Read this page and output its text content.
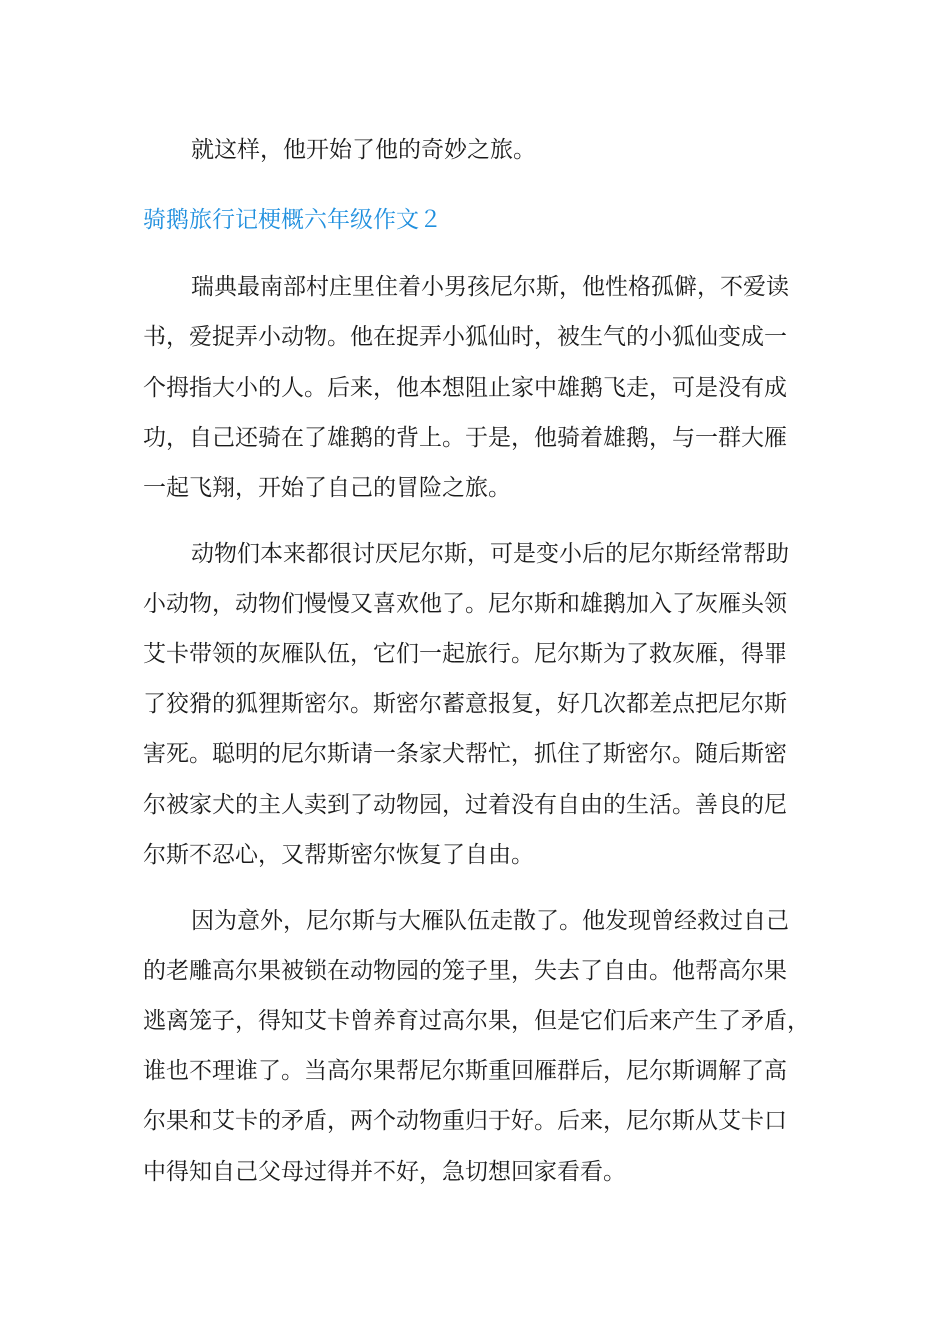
就这样，他开始了他的奇妙之旅。

骑鹅旅行记梗概六年级作文２

瑞典最南部村庄里住着小男孩尼尔斯，他性格孤僻，不爱读

书，爱捉弄小动物。他在捉弄小狐仙时，被生气的小狐仙变成一

个拇指大小的人。后来，他本想阻止家中雄鹅飞走，可是没有成

功，自己还骑在了雄鹅的背上。于是，他骑着雄鹅，与一群大雁

一起飞翔，开始了自己的冒险之旅。

动物们本来都很讨厌尼尔斯，可是变小后的尼尔斯经常帮助

小动物，动物们慢慢又喜欢他了。尼尔斯和雄鹅加入了灰雁头领

艾卡带领的灰雁队伍，它们一起旅行。尼尔斯为了救灰雁，得罪

了狡猾的狐狸斯密尔。斯密尔蓄意报复，好几次都差点把尼尔斯

害死。聪明的尼尔斯请一条家犬帮忙，抓住了斯密尔。随后斯密

尔被家犬的主人卖到了动物园，过着没有自由的生活。善良的尼

尔斯不忍心，又帮斯密尔恢复了自由。

因为意外，尼尔斯与大雁队伍走散了。他发现曾经救过自己

的老雕高尔果被锁在动物园的笼子里，失去了自由。他帮高尔果

逃离笼子，得知艾卡曾养育过高尔果，但是它们后来产生了矛盾，

谁也不理谁了。当高尔果帮尼尔斯重回雁群后，尼尔斯调解了高

尔果和艾卡的矛盾，两个动物重归于好。后来，尼尔斯从艾卡口

中得知自己父母过得并不好，急切想回家看看。
